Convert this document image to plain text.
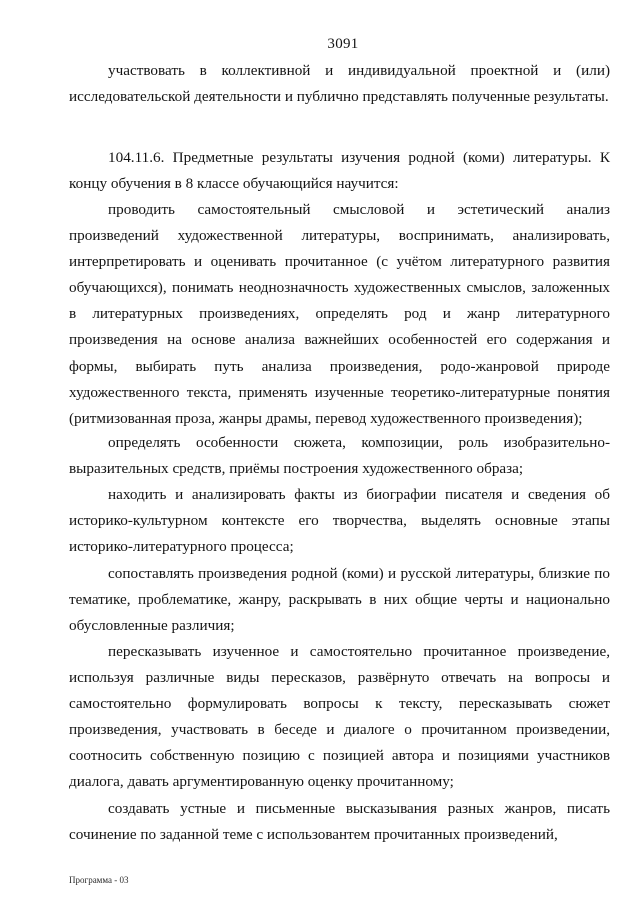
3091

участвовать в коллективной и индивидуальной проектной и (или) исследовательской деятельности и публично представлять полученные результаты.

104.11.6. Предметные результаты изучения родной (коми) литературы. К концу обучения в 8 классе обучающийся научится:

проводить самостоятельный смысловой и эстетический анализ произведений художественной литературы, воспринимать, анализировать, интерпретировать и оценивать прочитанное (с учётом литературного развития обучающихся), понимать неоднозначность художественных смыслов, заложенных в литературных произведениях, определять род и жанр литературного произведения на основе анализа важнейших особенностей его содержания и формы, выбирать путь анализа произведения, родо-жанровой природе художественного текста, применять изученные теоретико-литературные понятия (ритмизованная проза, жанры драмы, перевод художественного произведения);

определять особенности сюжета, композиции, роль изобразительно-выразительных средств, приёмы построения художественного образа;

находить и анализировать факты из биографии писателя и сведения об историко-культурном контексте его творчества, выделять основные этапы историко-литературного процесса;

сопоставлять произведения родной (коми) и русской литературы, близкие по тематике, проблематике, жанру, раскрывать в них общие черты и национально обусловленные различия;

пересказывать изученное и самостоятельно прочитанное произведение, используя различные виды пересказов, развёрнуто отвечать на вопросы и самостоятельно формулировать вопросы к тексту, пересказывать сюжет произведения, участвовать в беседе и диалоге о прочитанном произведении, соотносить собственную позицию с позицией автора и позициями участников диалога, давать аргументированную оценку прочитанному;

создавать устные и письменные высказывания разных жанров, писать сочинение по заданной теме с использовантем прочитанных произведений,

Программа - 03
